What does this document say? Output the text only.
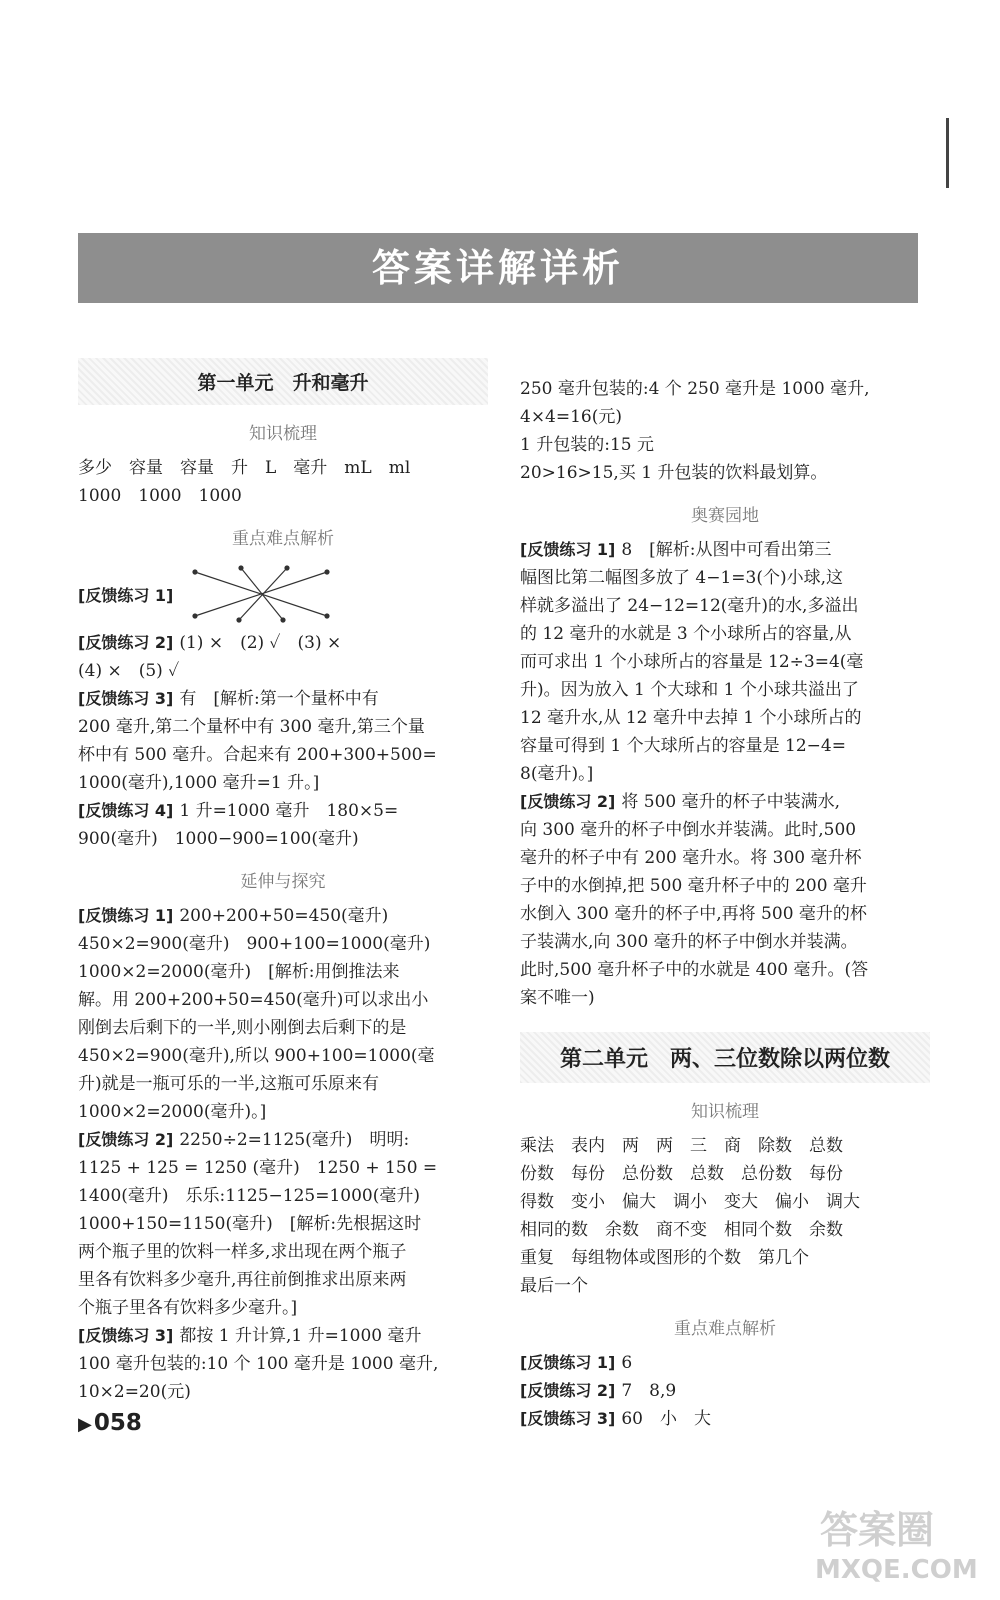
答案详解详析
第一单元　升和毫升
知识梳理

多少　容量　容量　升　L　毫升　mL　ml

1000　1000　1000

重点难点解析
[反馈练习 1]

[反馈练习 2] (1) ×　(2) ✓　(3) ×

(4) ×　(5) ✓

[反馈练习 3] 有　[解析:第一个量杯中有

200 毫升,第二个量杯中有 300 毫升,第三个量

杯中有 500 毫升。合起来有 200+300+500=

1000(毫升),1000 毫升=1 升。]

[反馈练习 4] 1 升=1000 毫升　180×5=

900(毫升)　1000−900=100(毫升)

延伸与探究

[反馈练习 1] 200+200+50=450(毫升)

450×2=900(毫升)　900+100=1000(毫升)

1000×2=2000(毫升)　[解析:用倒推法来

解。用 200+200+50=450(毫升)可以求出小

刚倒去后剩下的一半,则小刚倒去后剩下的是

450×2=900(毫升),所以 900+100=1000(毫

升)就是一瓶可乐的一半,这瓶可乐原来有

1000×2=2000(毫升)。]

[反馈练习 2] 2250÷2=1125(毫升)　明明:

1125 + 125 = 1250 (毫升)　1250 + 150 =

1400(毫升)　乐乐:1125−125=1000(毫升)

1000+150=1150(毫升)　[解析:先根据这时

两个瓶子里的饮料一样多,求出现在两个瓶子

里各有饮料多少毫升,再往前倒推求出原来两

个瓶子里各有饮料多少毫升。]

[反馈练习 3] 都按 1 升计算,1 升=1000 毫升

100 毫升包装的:10 个 100 毫升是 1000 毫升,

10×2=20(元)

250 毫升包装的:4 个 250 毫升是 1000 毫升,

4×4=16(元)

1 升包装的:15 元

20>16>15,买 1 升包装的饮料最划算。

奥赛园地

[反馈练习 1] 8　[解析:从图中可看出第三

幅图比第二幅图多放了 4−1=3(个)小球,这

样就多溢出了 24−12=12(毫升)的水,多溢出

的 12 毫升的水就是 3 个小球所占的容量,从

而可求出 1 个小球所占的容量是 12÷3=4(毫

升)。因为放入 1 个大球和 1 个小球共溢出了

12 毫升水,从 12 毫升中去掉 1 个小球所占的

容量可得到 1 个大球所占的容量是 12−4=

8(毫升)。]

[反馈练习 2] 将 500 毫升的杯子中装满水,

向 300 毫升的杯子中倒水并装满。此时,500

毫升的杯子中有 200 毫升水。将 300 毫升杯

子中的水倒掉,把 500 毫升杯子中的 200 毫升

水倒入 300 毫升的杯子中,再将 500 毫升的杯

子装满水,向 300 毫升的杯子中倒水并装满。

此时,500 毫升杯子中的水就是 400 毫升。(答

案不唯一)

第二单元　两、三位数除以两位数
知识梳理

乘法　表内　两　两　三　商　除数　总数

份数　每份　总份数　总数　总份数　每份

得数　变小　偏大　调小　变大　偏小　调大

相同的数　余数　商不变　相同个数　余数

重复　每组物体或图形的个数　第几个

最后一个

重点难点解析

[反馈练习 1] 6

[反馈练习 2] 7　8,9

[反馈练习 3] 60　小　大

▶058
答案圈
MXQE.COM
